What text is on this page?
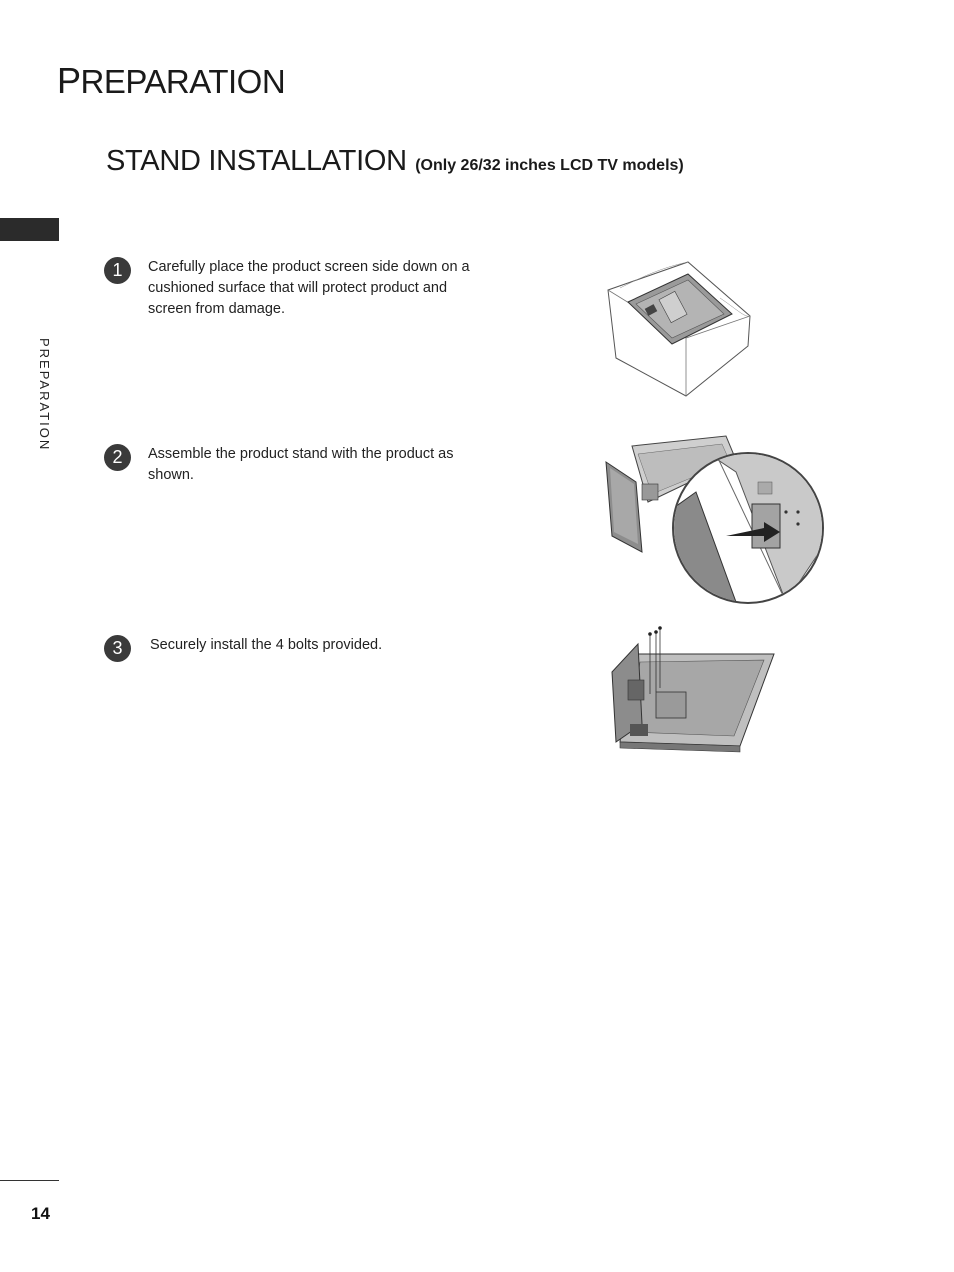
PREPARATION
STAND INSTALLATION (Only 26/32 inches LCD TV models)
PREPARATION
1	Carefully place the product screen side down on a cushioned surface that will protect product and screen from damage.
2	Assemble the product stand with the product as shown.
3	Securely install the 4 bolts provided.
14
